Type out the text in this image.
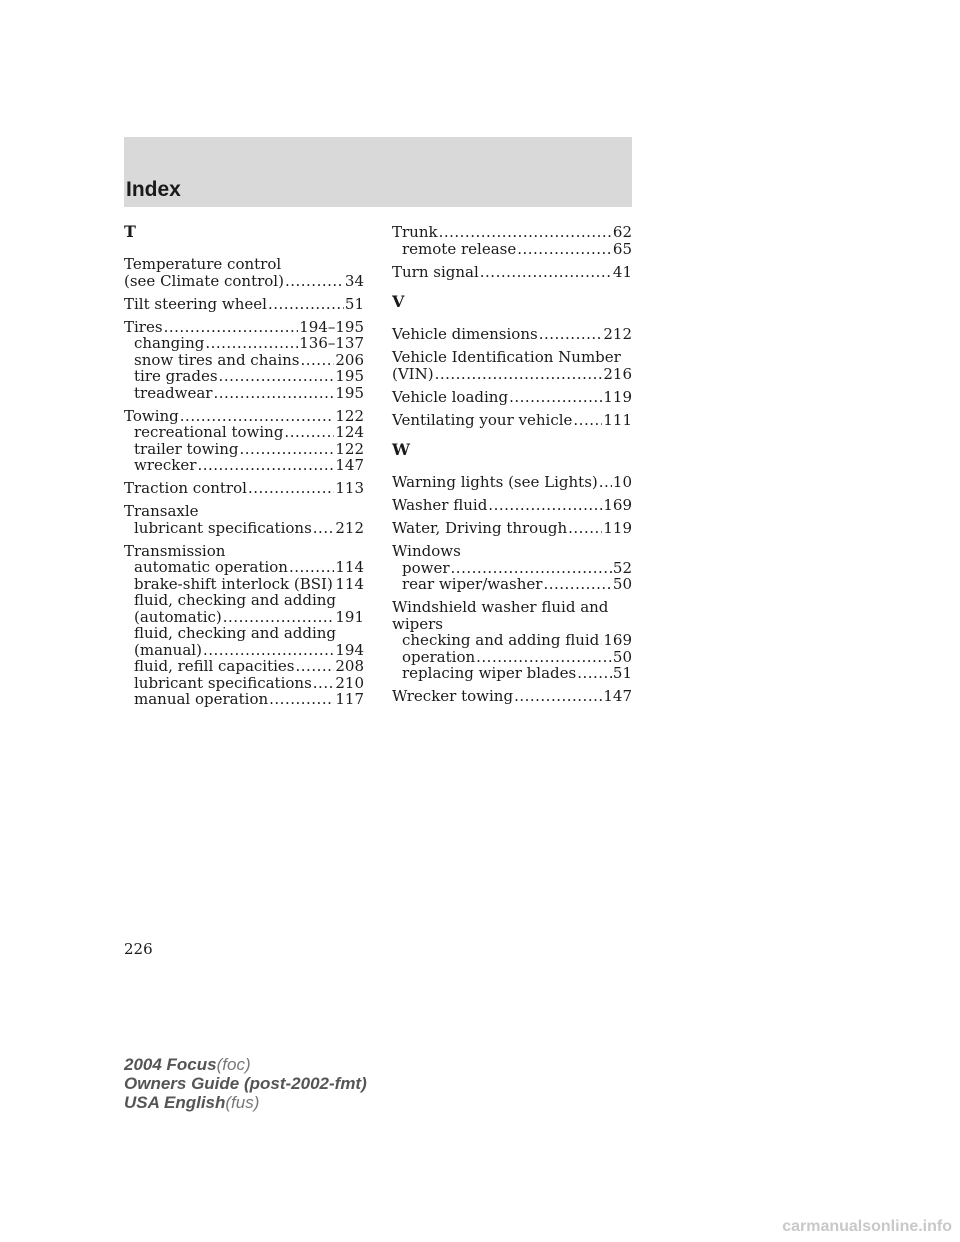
Index
T
Temperature control
(see Climate control) .....	34
Tilt steering wheel .....	51
Tires .....	194–195
changing .....	136–137
snow tires and chains ..... 206
tire grades .....	195
treadwear .....	195
Towing .....	122
recreational towing .....	124
trailer towing .....	122
wrecker .....	147
Traction control .....	113
Transaxle
lubricant specifications ..... 212
Transmission
automatic operation .....	114
brake-shift interlock (BSI) ..... 114
fluid, checking and adding
(automatic) .....	191
fluid, checking and adding
(manual) .....	194
fluid, refill capacities .....	208
lubricant specifications ..... 210
manual operation .....	117
Trunk .....	62
remote release .....	65
Turn signal .....	41
V
Vehicle dimensions .....	212
Vehicle Identification Number
(VIN) .....	216
Vehicle loading .....	119
Ventilating your vehicle ..... 111
W
Warning lights (see Lights) ..... 10
Washer fluid .....	169
Water, Driving through ..... 119
Windows
power .....	52
rear wiper/washer .....	50
Windshield washer fluid and
wipers
checking and adding fluid ..... 169
operation .....	50
replacing wiper blades ..... 51
Wrecker towing .....	147
226
2004 Focus(foc)
Owners Guide (post-2002-fmt)
USA English(fus)
carmanualsonline.info
